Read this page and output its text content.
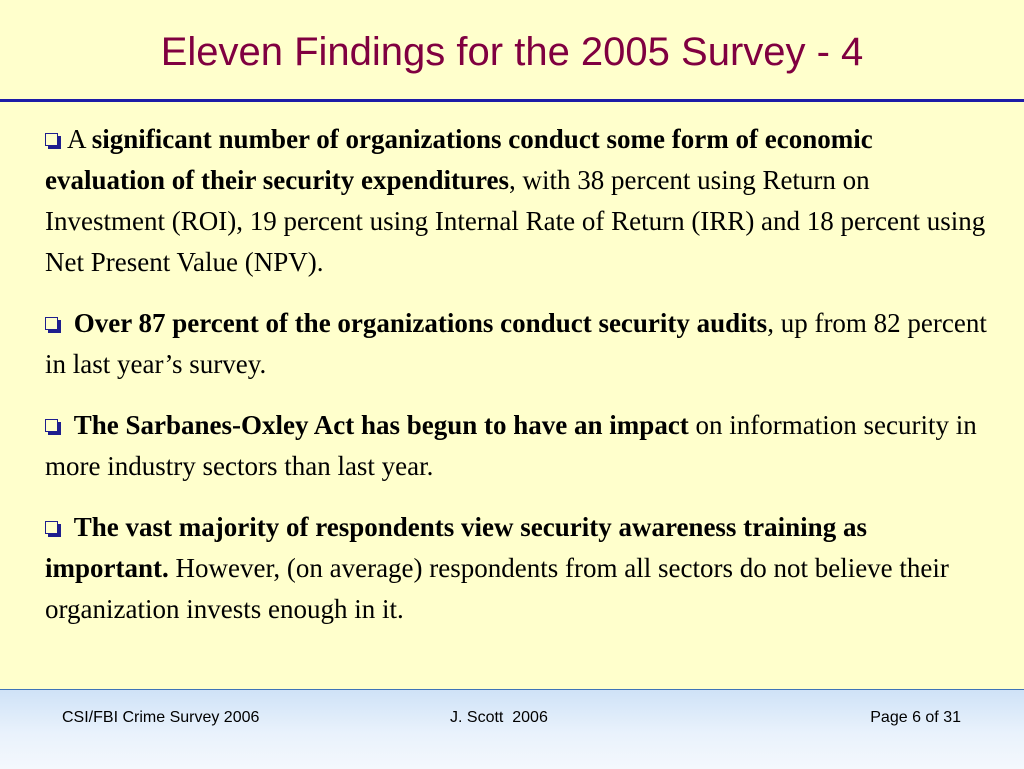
Eleven Findings for the 2005 Survey - 4
A significant number of organizations conduct some form of economic evaluation of their security expenditures, with 38 percent using Return on Investment (ROI), 19 percent using Internal Rate of Return (IRR) and 18 percent using Net Present Value (NPV).
Over 87 percent of the organizations conduct security audits, up from 82 percent in last year’s survey.
The Sarbanes-Oxley Act has begun to have an impact on information security in more industry sectors than last year.
The vast majority of respondents view security awareness training as important. However, (on average) respondents from all sectors do not believe their organization invests enough in it.
CSI/FBI Crime Survey 2006	J. Scott  2006	Page 6 of 31
